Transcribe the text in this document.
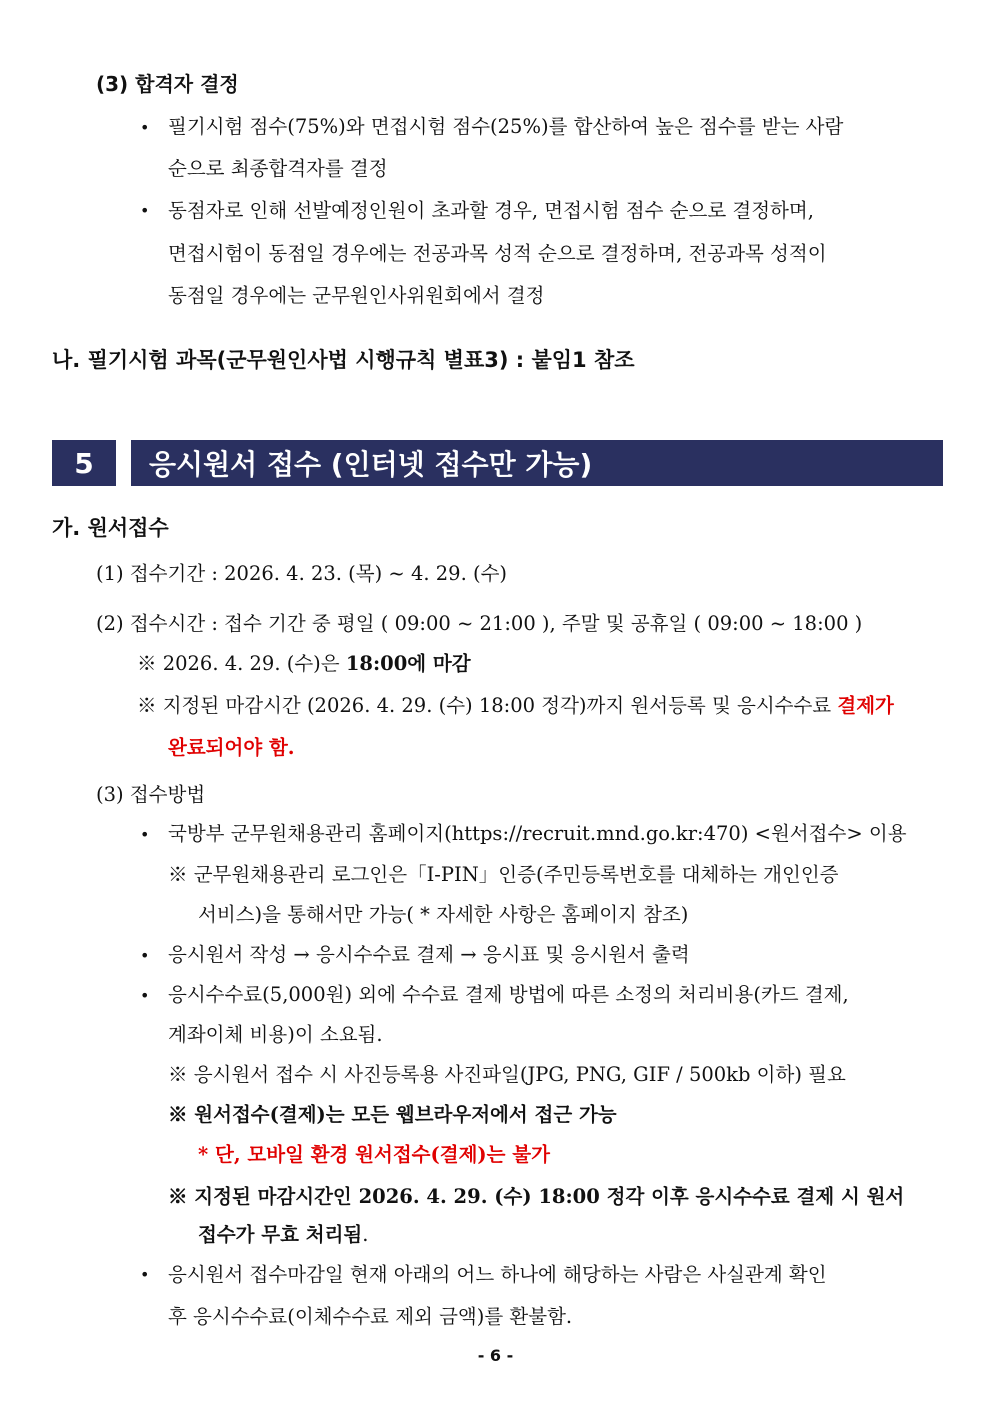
(3) 합격자 결정
• 필기시험 점수(75%)와 면접시험 점수(25%)를 합산하여 높은 점수를 받는 사람
순으로 최종합격자를 결정
• 동점자로 인해 선발예정인원이 초과할 경우, 면접시험 점수 순으로 결정하며,
면접시험이 동점일 경우에는 전공과목 성적 순으로 결정하며, 전공과목 성적이
동점일 경우에는 군무원인사위원회에서 결정
나. 필기시험 과목(군무원인사법 시행규칙 별표3) : 붙임1 참조
5	응시원서 접수 (인터넷 접수만 가능)
가. 원서접수
(1) 접수기간 : 2026. 4. 23. (목) ~ 4. 29. (수)
(2) 접수시간 : 접수 기간 중 평일 ( 09:00 ~ 21:00 ), 주말 및 공휴일 ( 09:00 ~ 18:00 )
※ 2026. 4. 29. (수)은 18:00에 마감
※ 지정된 마감시간 (2026. 4. 29. (수) 18:00 정각)까지 원서등록 및 응시수수료 결제가
완료되어야 함.
(3) 접수방법
• 국방부 군무원채용관리 홈페이지(https://recruit.mnd.go.kr:470) <원서접수> 이용
※ 군무원채용관리 로그인은「I-PIN」인증(주민등록번호를 대체하는 개인인증
서비스)을 통해서만 가능( * 자세한 사항은 홈페이지 참조)
• 응시원서 작성 → 응시수수료 결제 → 응시표 및 응시원서 출력
• 응시수수료(5,000원) 외에 수수료 결제 방법에 따른 소정의 처리비용(카드 결제,
계좌이체 비용)이 소요됨.
※ 응시원서 접수 시 사진등록용 사진파일(JPG, PNG, GIF / 500kb 이하) 필요
※ 원서접수(결제)는 모든 웹브라우저에서 접근 가능
* 단, 모바일 환경 원서접수(결제)는 불가
※ 지정된 마감시간인 2026. 4. 29. (수) 18:00 정각 이후 응시수수료 결제 시 원서
접수가 무효 처리됨.
• 응시원서 접수마감일 현재 아래의 어느 하나에 해당하는 사람은 사실관계 확인
후 응시수수료(이체수수료 제외 금액)를 환불함.
- 6 -
